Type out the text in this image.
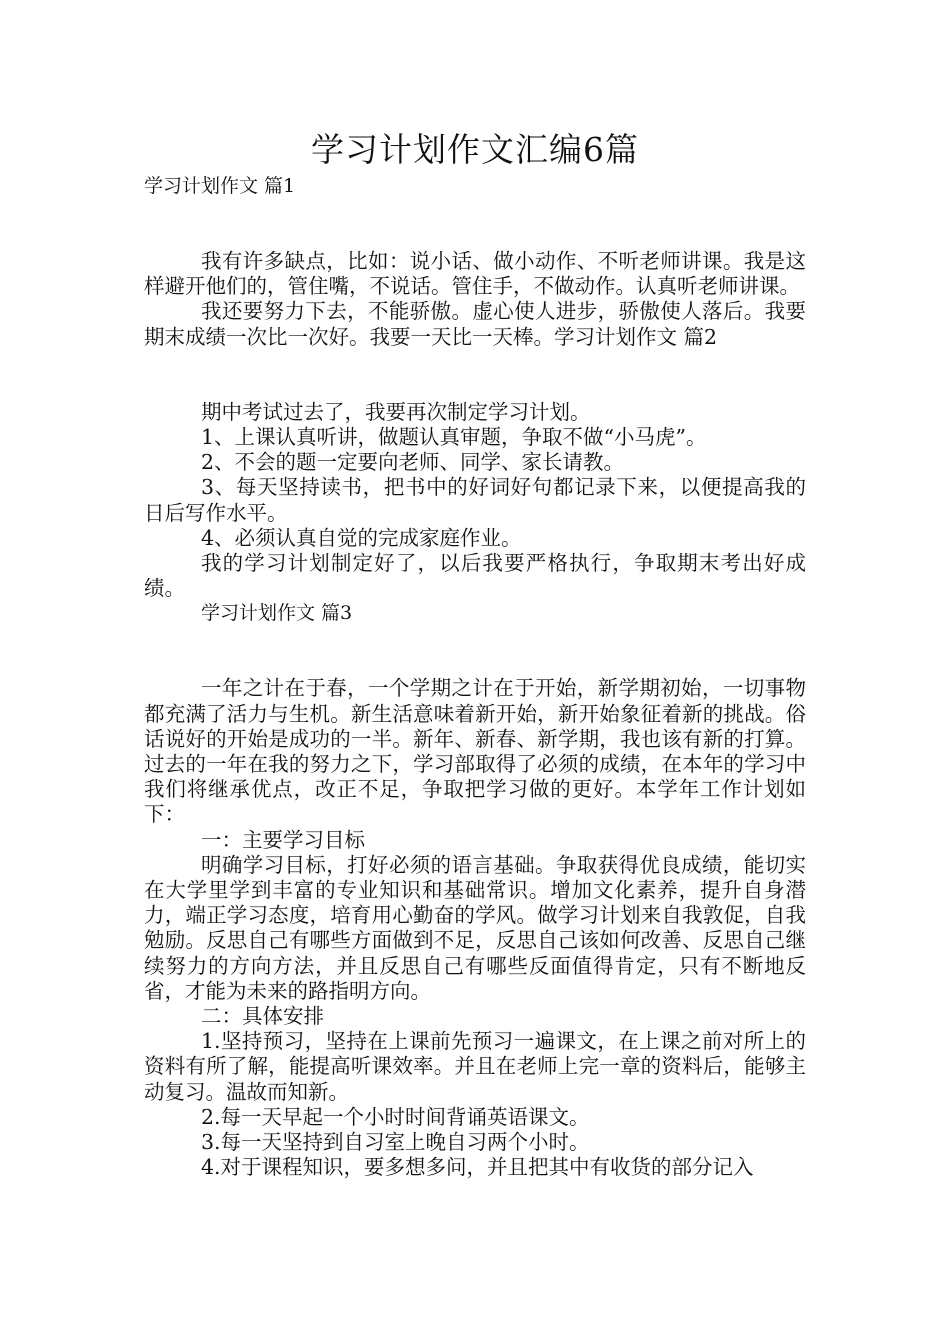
学习计划作文汇编6篇

学习计划作文 篇1

我有许多缺点，比如：说小话、做小动作、不听老师讲课。我是这样避开他们的，管住嘴，不说话。管住手，不做动作。认真听老师讲课。

我还要努力下去，不能骄傲。虚心使人进步，骄傲使人落后。我要期末成绩一次比一次好。我要一天比一天棒。学习计划作文 篇2

期中考试过去了，我要再次制定学习计划。

1、上课认真听讲，做题认真审题，争取不做“小马虎”。

2、不会的题一定要向老师、同学、家长请教。

3、每天坚持读书，把书中的好词好句都记录下来，以便提高我的日后写作水平。

4、必须认真自觉的完成家庭作业。

我的学习计划制定好了，以后我要严格执行，争取期末考出好成绩。

学习计划作文 篇3

一年之计在于春，一个学期之计在于开始，新学期初始，一切事物都充满了活力与生机。新生活意味着新开始，新开始象征着新的挑战。俗话说好的开始是成功的一半。新年、新春、新学期，我也该有新的打算。过去的一年在我的努力之下，学习部取得了必须的成绩，在本年的学习中我们将继承优点，改正不足，争取把学习做的更好。本学年工作计划如下：

一：主要学习目标

明确学习目标，打好必须的语言基础。争取获得优良成绩，能切实在大学里学到丰富的专业知识和基础常识。增加文化素养，提升自身潜力，端正学习态度，培育用心勤奋的学风。做学习计划来自我敦促，自我勉励。反思自己有哪些方面做到不足，反思自己该如何改善、反思自己继续努力的方向方法，并且反思自己有哪些反面值得肯定，只有不断地反省，才能为未来的路指明方向。

二：具体安排

1.坚持预习，坚持在上课前先预习一遍课文，在上课之前对所上的资料有所了解，能提高听课效率。并且在老师上完一章的资料后，能够主动复习。温故而知新。

2.每一天早起一个小时时间背诵英语课文。

3.每一天坚持到自习室上晚自习两个小时。

4.对于课程知识，要多想多问，并且把其中有收货的部分记入
